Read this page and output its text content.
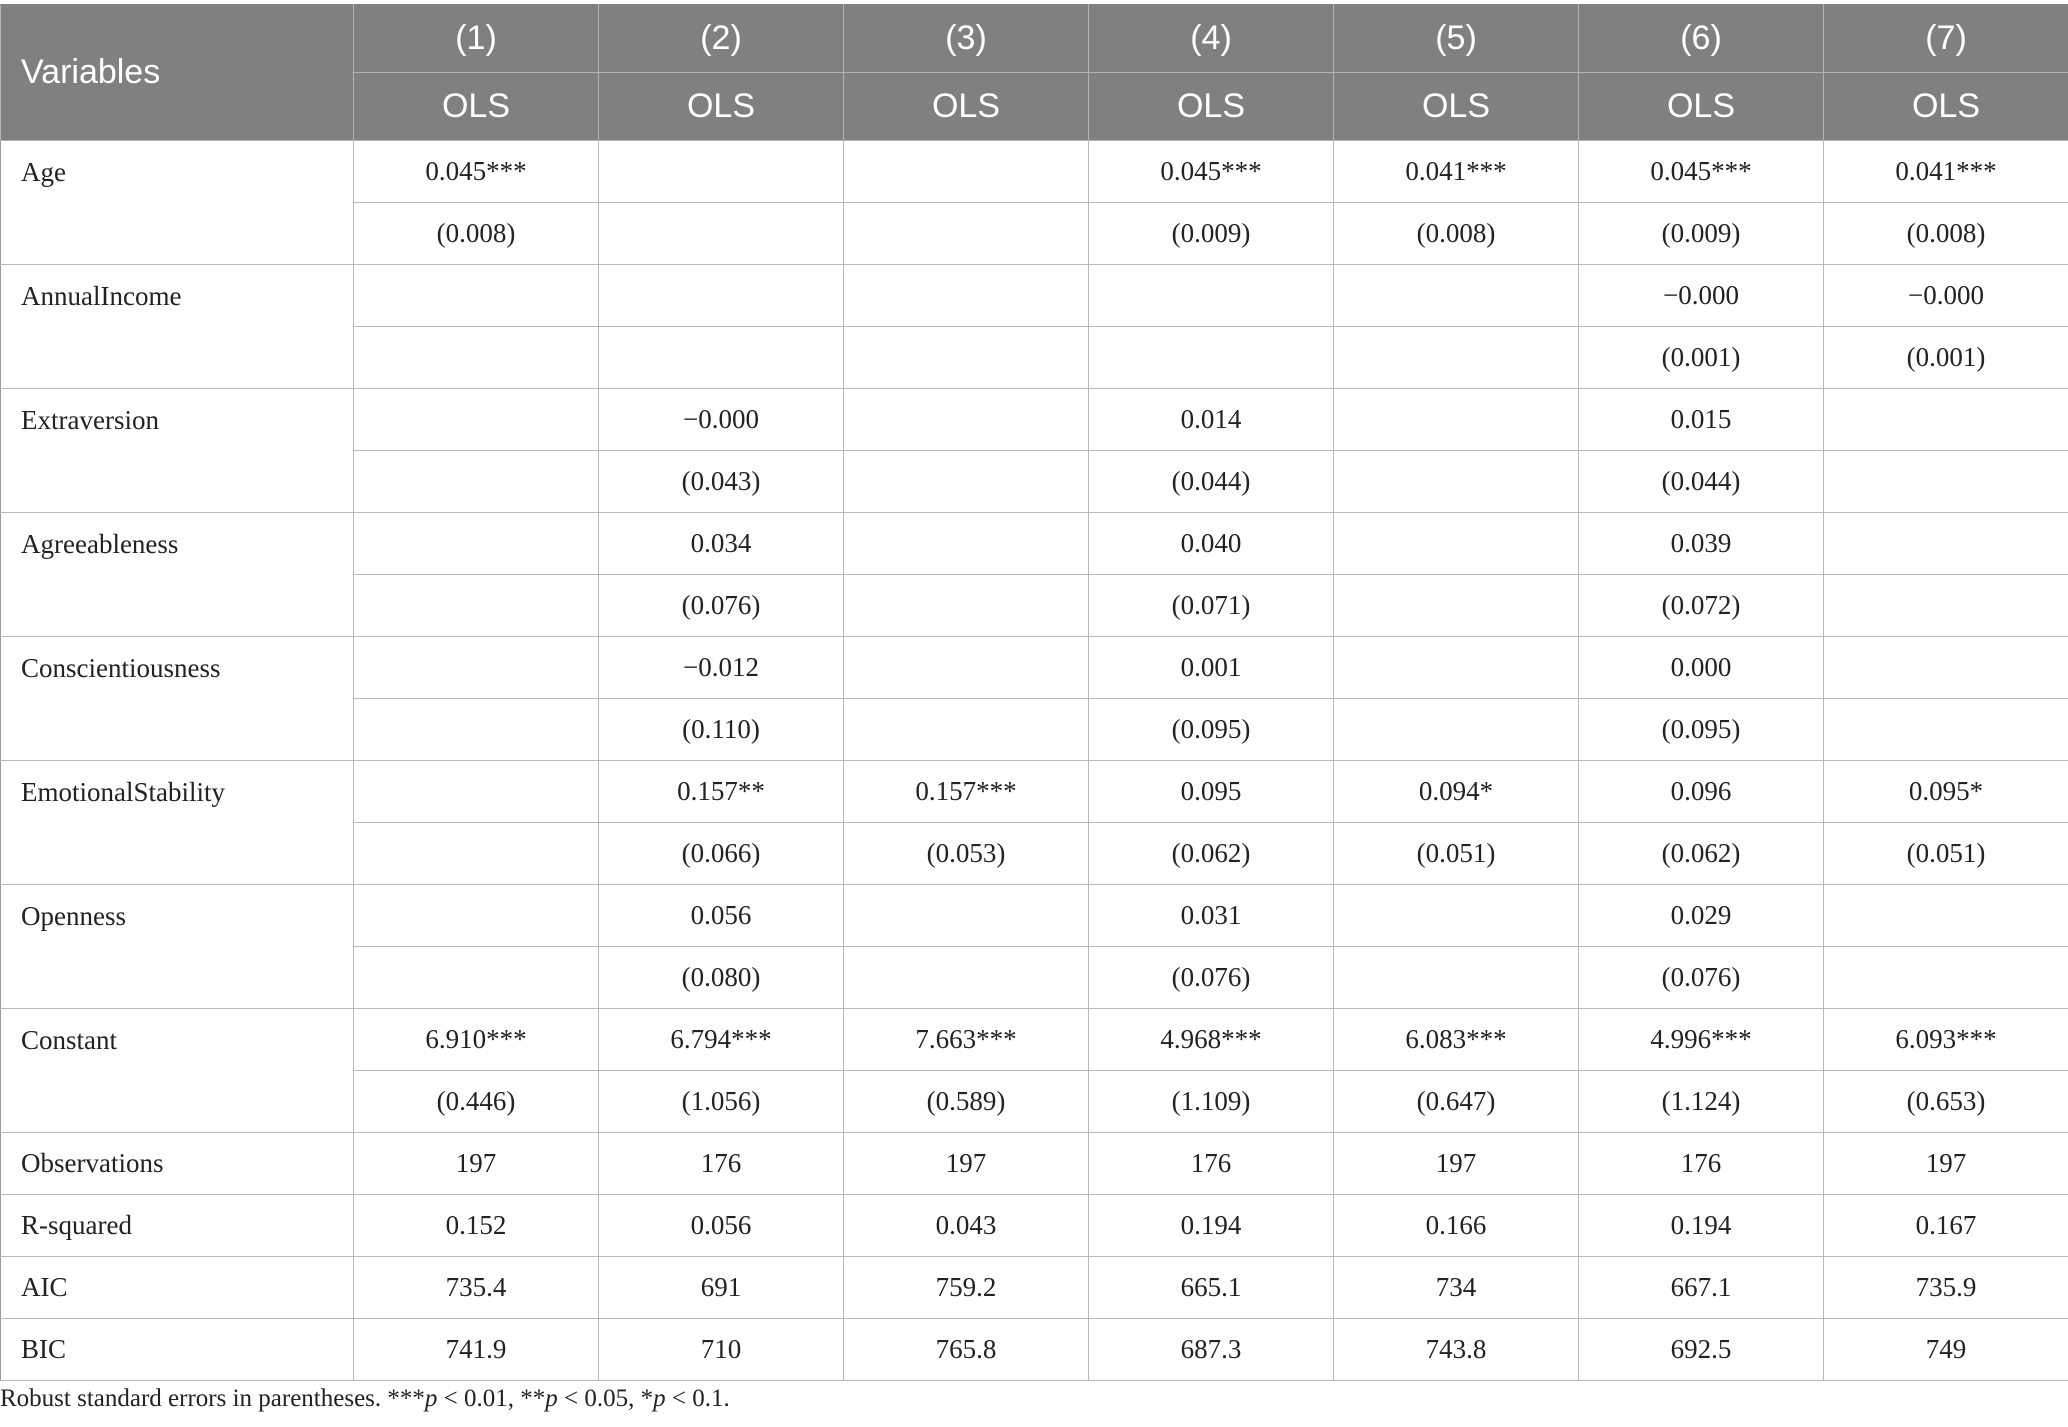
Variables	(1)	(2)	(3)	(4)	(5)	(6)	(7)
	OLS	OLS	OLS	OLS	OLS	OLS	OLS
Age	0.045***			0.045***	0.041***	0.045***	0.041***
	(0.008)			(0.009)	(0.008)	(0.009)	(0.008)
AnnualIncome						−0.000	−0.000
						(0.001)	(0.001)
Extraversion		−0.000		0.014		0.015	
		(0.043)		(0.044)		(0.044)	
Agreeableness		0.034		0.040		0.039	
		(0.076)		(0.071)		(0.072)	
Conscientiousness		−0.012		0.001		0.000	
		(0.110)		(0.095)		(0.095)	
EmotionalStability		0.157**	0.157***	0.095	0.094*	0.096	0.095*
		(0.066)	(0.053)	(0.062)	(0.051)	(0.062)	(0.051)
Openness		0.056		0.031		0.029	
		(0.080)		(0.076)		(0.076)	
Constant	6.910***	6.794***	7.663***	4.968***	6.083***	4.996***	6.093***
	(0.446)	(1.056)	(0.589)	(1.109)	(0.647)	(1.124)	(0.653)
Observations	197	176	197	176	197	176	197
R-squared	0.152	0.056	0.043	0.194	0.166	0.194	0.167
AIC	735.4	691	759.2	665.1	734	667.1	735.9
BIC	741.9	710	765.8	687.3	743.8	692.5	749
Robust standard errors in parentheses. ***p < 0.01, **p < 0.05, *p < 0.1.
